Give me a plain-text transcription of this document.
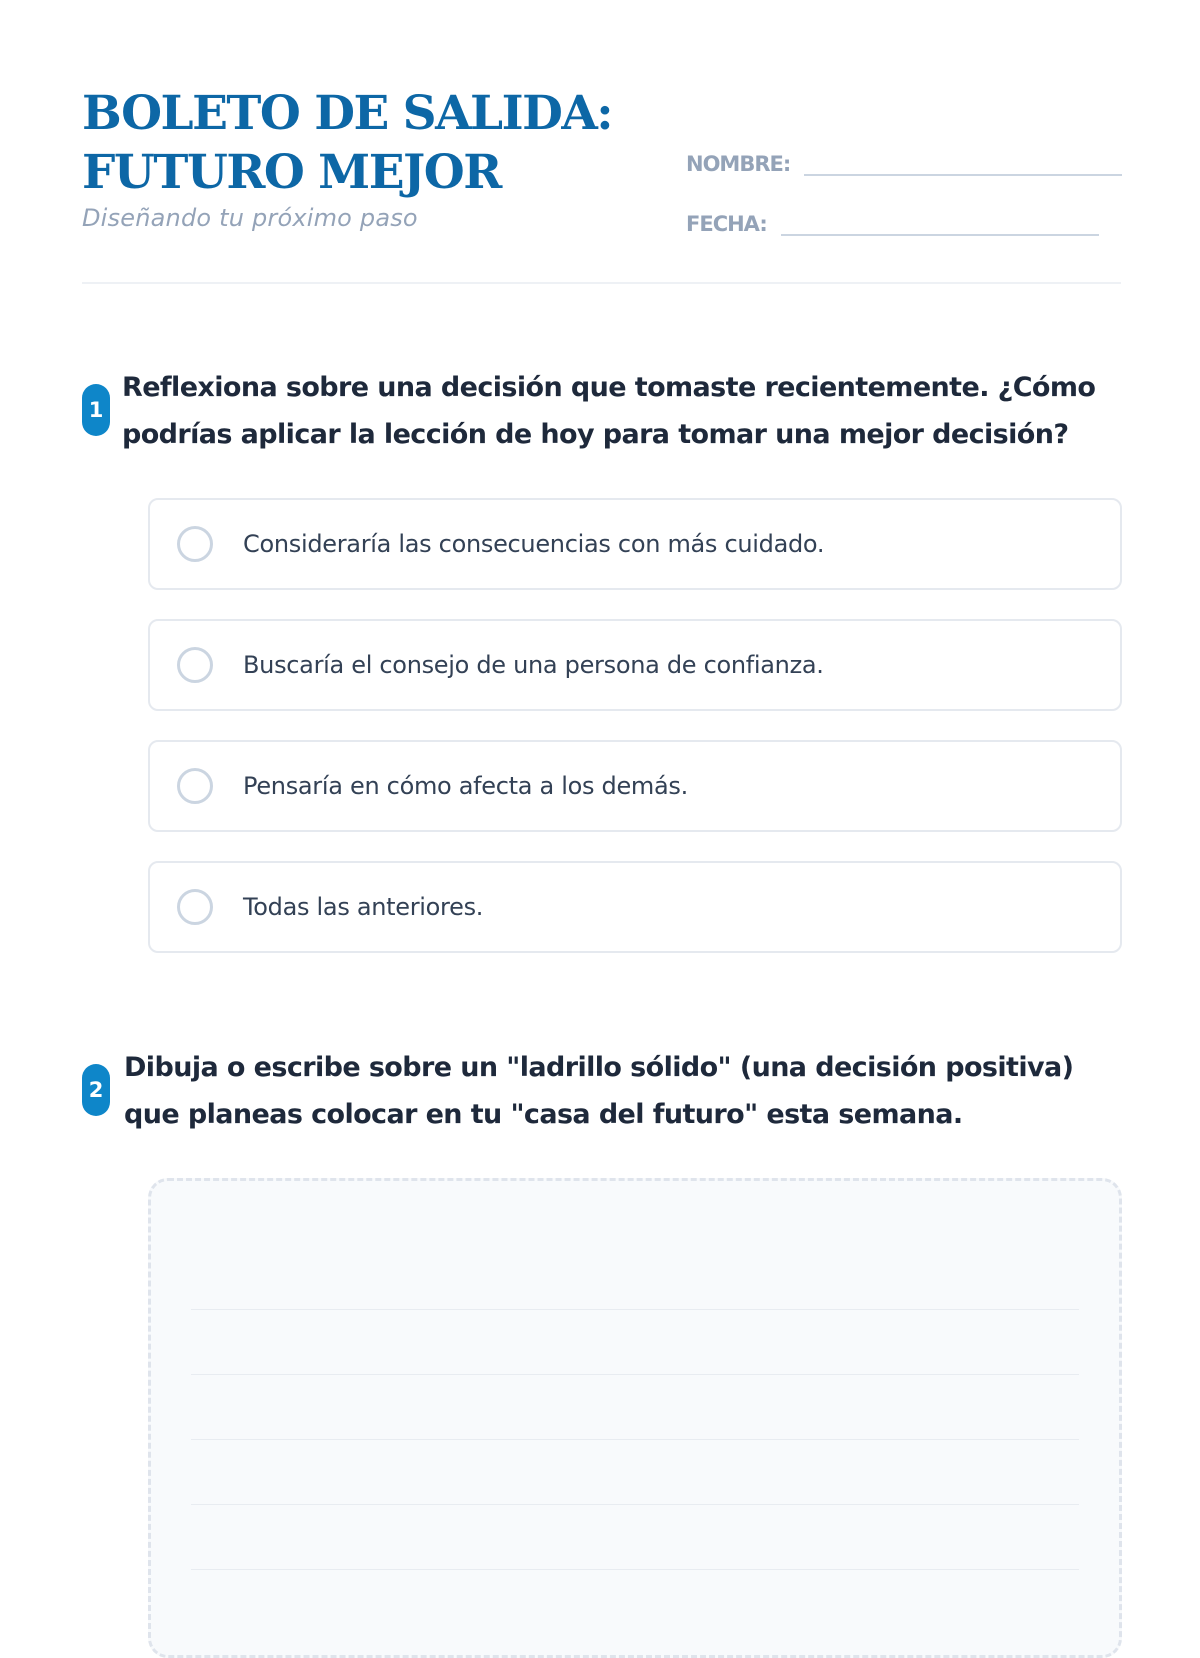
BOLETO DE SALIDA:
FUTURO MEJOR
Diseñando tu próximo paso
NOMBRE:
FECHA:
1

Reflexiona sobre una decisión que tomaste recientemente. ¿Cómo podrías aplicar la lección de hoy para tomar una mejor decisión?

Consideraría las consecuencias con más cuidado.
Buscaría el consejo de una persona de confianza.
Pensaría en cómo afecta a los demás.
Todas las anteriores.
2

Dibuja o escribe sobre un "ladrillo sólido" (una decisión positiva) que planeas colocar en tu "casa del futuro" esta semana.
